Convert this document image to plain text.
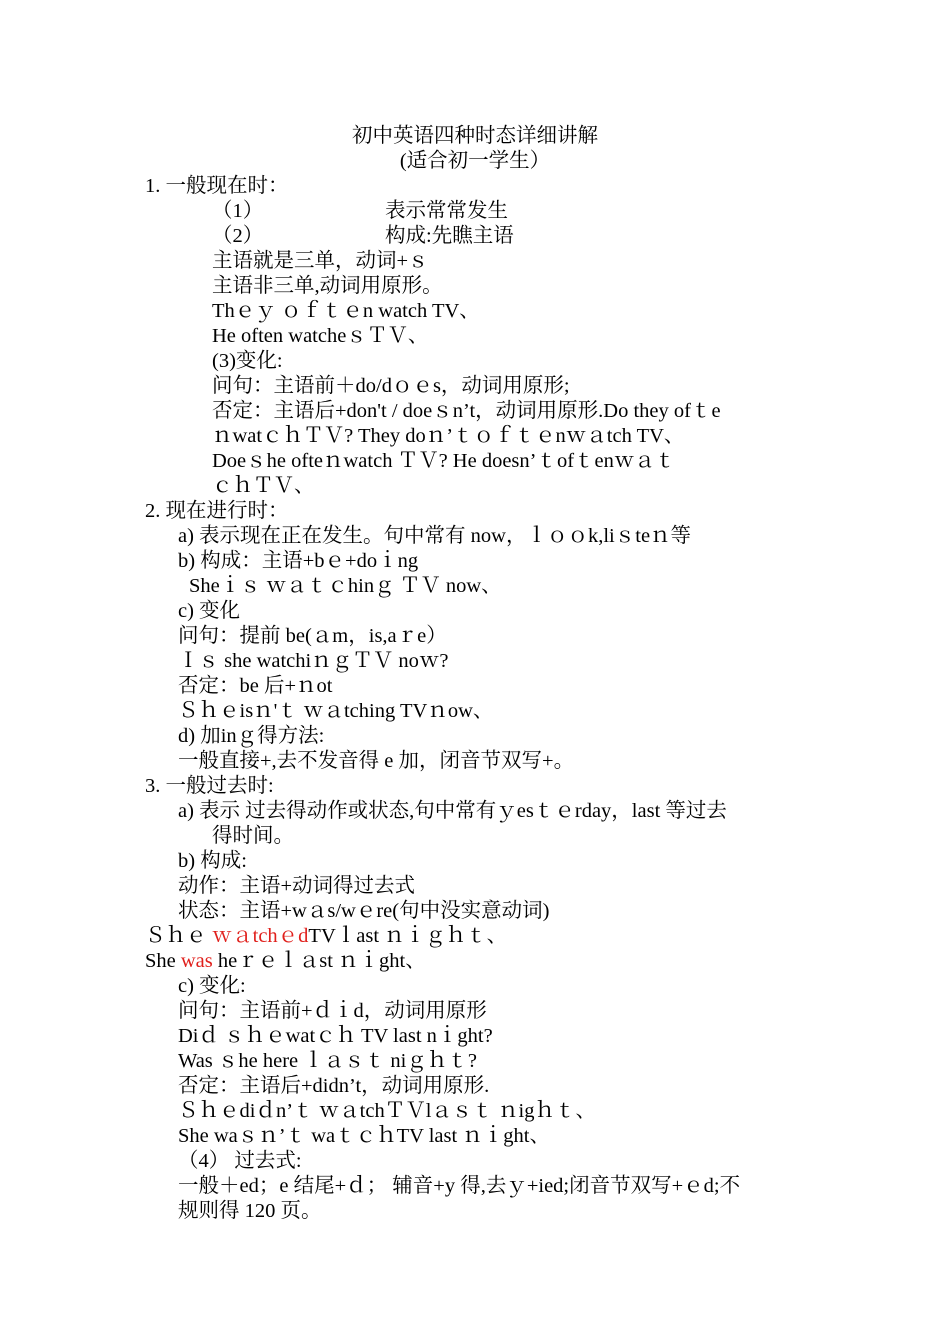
初中英语四种时态详细讲解
(适合初一学生）
1. 一般现在时：
（1）	表示常常发生
（2）	构成:先瞧主语
主语就是三单，动词+ｓ
主语非三单,动词用原形。
Thｅｙ ｏｆｔｅn watch TV、
He often watcheｓＴＶ、
(3)变化:
问句：主语前＋do/dｏｅs，动词用原形;
否定：主语后+don't / doeｓn’t，动词用原形.Do they ofｔe
ｎwatｃｈＴＶ? They doｎ’ｔｏｆｔｅnｗａtch TV、
Doeｓhe ofteｎwatch ＴＶ? He doesn’ｔofｔenｗａｔ
ｃｈＴＶ、
2. 现在进行时：
a) 表示现在正在发生。句中常有 now，ｌｏｏk,liｓteｎ等
b) 构成：主语+bｅ+doｉng
Sheｉｓ ｗａｔｃhinｇ ＴＶ now、
c) 变化
问句：提前 be(ａm，is,aｒe）
Ｉｓ she watchiｎｇＴＶ noｗ?
否定：be 后+ｎot
Ｓｈｅisｎ'ｔ ｗａtching TVｎow、
d) 加inｇ得方法:
一般直接+,去不发音得 e 加，闭音节双写+。
3. 一般过去时:
a) 表示 过去得动作或状态,句中常有ｙesｔｅrday，last 等过去
得时间。
b) 构成:
动作：主语+动词得过去式
状态：主语+wａs/wｅre(句中没实意动词)
Ｓｈｅ ｗａtchｅdTVｌast ｎｉｇｈｔ、
She was heｒｅｌａst ｎｉght、
c) 变化:
问句：主语前+ｄｉd，动词用原形
Diｄ ｓｈｅwatｃｈ TV last nｉght?
Was ｓhe here ｌａｓｔ niｇｈｔ?
否定：主语后+didn’t，动词用原形.
Ｓｈｅdiｄn’ｔ ｗａtchＴＶlａｓｔ ｎigｈｔ、
She waｓｎ’ｔ waｔｃｈTV last ｎｉght、
（4） 过去式:
一般＋ed；e 结尾+ｄ； 辅音+y 得,去ｙ+ied;闭音节双写+ｅd;不
规则得 120 页。
